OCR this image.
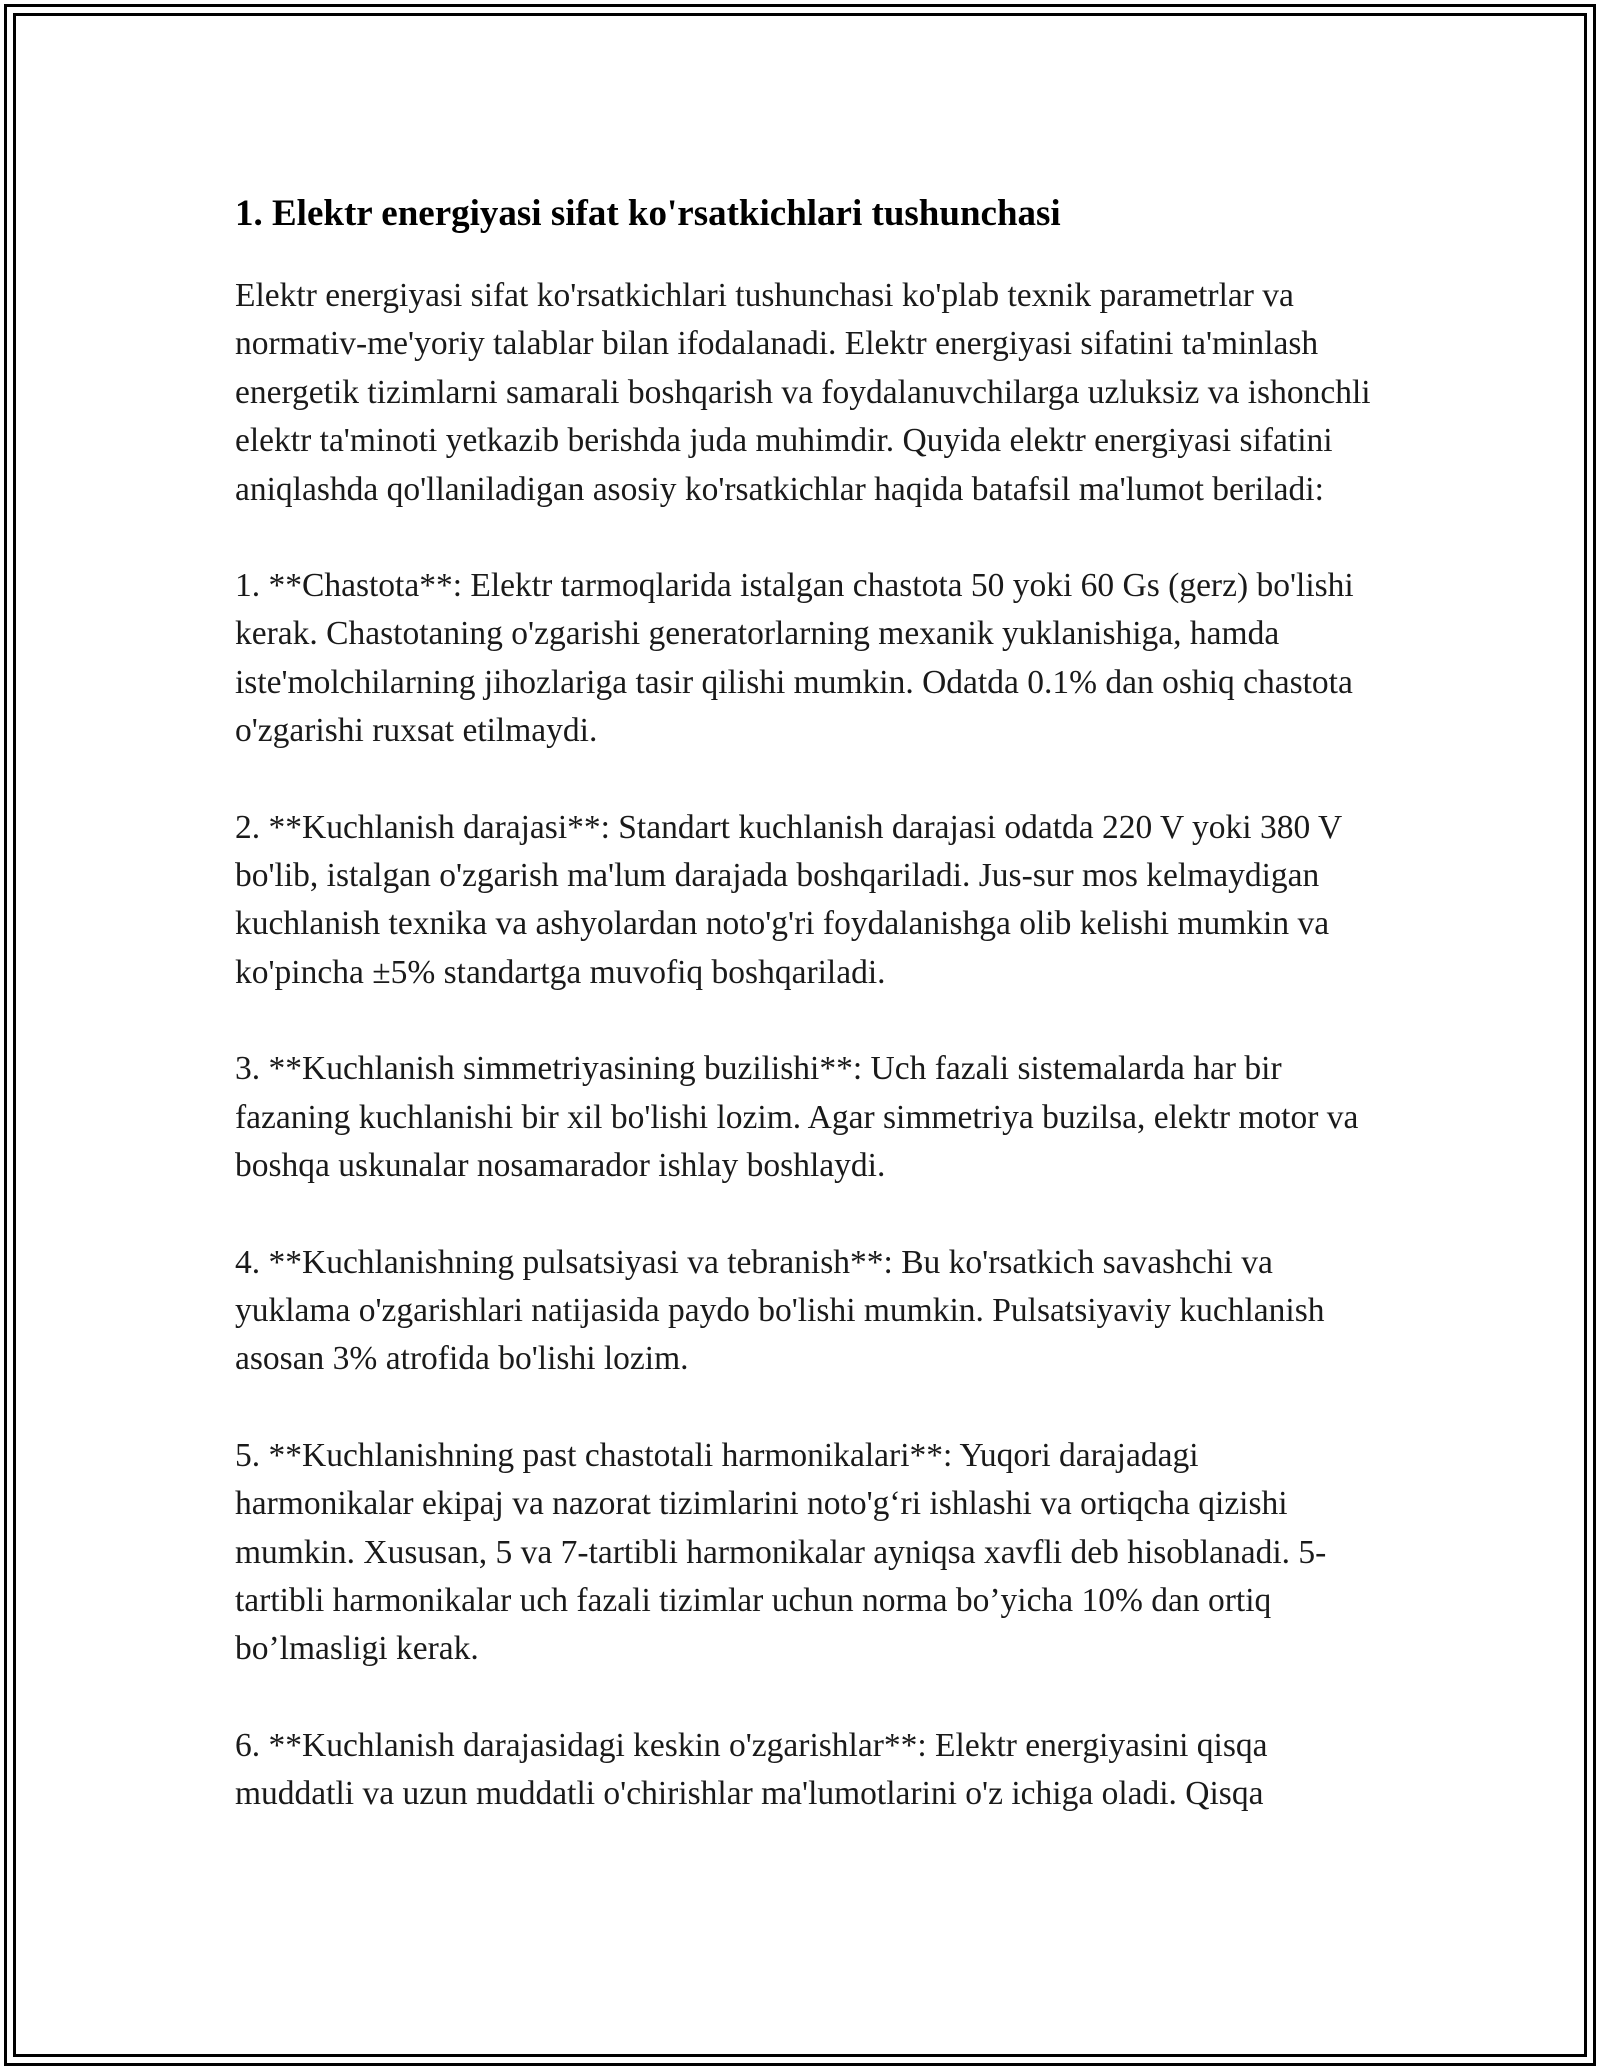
1. Elektr energiyasi sifat ko'rsatkichlari tushunchasi

Elektr energiyasi sifat ko'rsatkichlari tushunchasi ko'plab texnik parametrlar va normativ-me'yoriy talablar bilan ifodalanadi. Elektr energiyasi sifatini ta'minlash energetik tizimlarni samarali boshqarish va foydalanuvchilarga uzluksiz va ishonchli elektr ta'minoti yetkazib berishda juda muhimdir. Quyida elektr energiyasi sifatini aniqlashda qo'llaniladigan asosiy ko'rsatkichlar haqida batafsil ma'lumot beriladi:

1. **Chastota**: Elektr tarmoqlarida istalgan chastota 50 yoki 60 Gs (gerz) bo'lishi kerak. Chastotaning o'zgarishi generatorlarning mexanik yuklanishiga, hamda iste'molchilarning jihozlariga tasir qilishi mumkin. Odatda 0.1% dan oshiq chastota o'zgarishi ruxsat etilmaydi.

2. **Kuchlanish darajasi**: Standart kuchlanish darajasi odatda 220 V yoki 380 V bo'lib, istalgan o'zgarish ma'lum darajada boshqariladi. Jus-sur mos kelmaydigan kuchlanish texnika va ashyolardan noto'g'ri foydalanishga olib kelishi mumkin va ko'pincha ±5% standartga muvofiq boshqariladi.

3. **Kuchlanish simmetriyasining buzilishi**: Uch fazali sistemalarda har bir fazaning kuchlanishi bir xil bo'lishi lozim. Agar simmetriya buzilsa, elektr motor va boshqa uskunalar nosamarador ishlay boshlaydi.

4. **Kuchlanishning pulsatsiyasi va tebranish**: Bu ko'rsatkich savashchi va yuklama o'zgarishlari natijasida paydo bo'lishi mumkin. Pulsatsiyaviy kuchlanish asosan 3% atrofida bo'lishi lozim.

5. **Kuchlanishning past chastotali harmonikalari**: Yuqori darajadagi harmonikalar ekipaj va nazorat tizimlarini noto'g‘ri ishlashi va ortiqcha qizishi mumkin. Xususan, 5 va 7-tartibli harmonikalar ayniqsa xavfli deb hisoblanadi. 5-tartibli harmonikalar uch fazali tizimlar uchun norma bo’yicha 10% dan ortiq bo’lmasligi kerak.

6. **Kuchlanish darajasidagi keskin o'zgarishlar**: Elektr energiyasini qisqa muddatli va uzun muddatli o'chirishlar ma'lumotlarini o'z ichiga oladi. Qisqa
